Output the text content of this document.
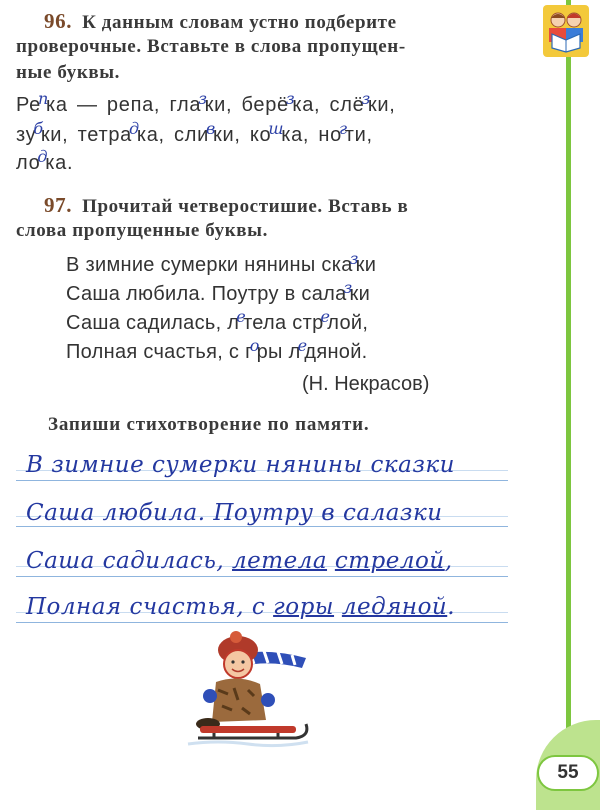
55
96. К данным словам устно подберите
проверочные. Вставьте в слова пропущен-
ные буквы.
$Ре^пка$ — репа, гла$^з$ки, берё$^з$ка, слё$^з$ки,
$зу^бки$, тетра$^д$ка, сли$^в$ки, $ко^шка$, $но^гти$,
$ло^дка$.
97. Прочитай четверостишие. Вставь в
слова пропущенные буквы.
В зимние сумерки нянины ска$^з$ки
Саша любила. Поутру в сала$^з$ки
Саша садилась, $л^етела$ стр$^е$лой,
Полная счастья, с $г^оры$ $л^едяной$.
(Н. Некрасов)
Запиши стихотворение по памяти.
В зимние сумерки нянины сказки
Саша любила. Поутру в салазки
Саша садилась, летела стрелой,
Полная счастья, с горы ледяной.
